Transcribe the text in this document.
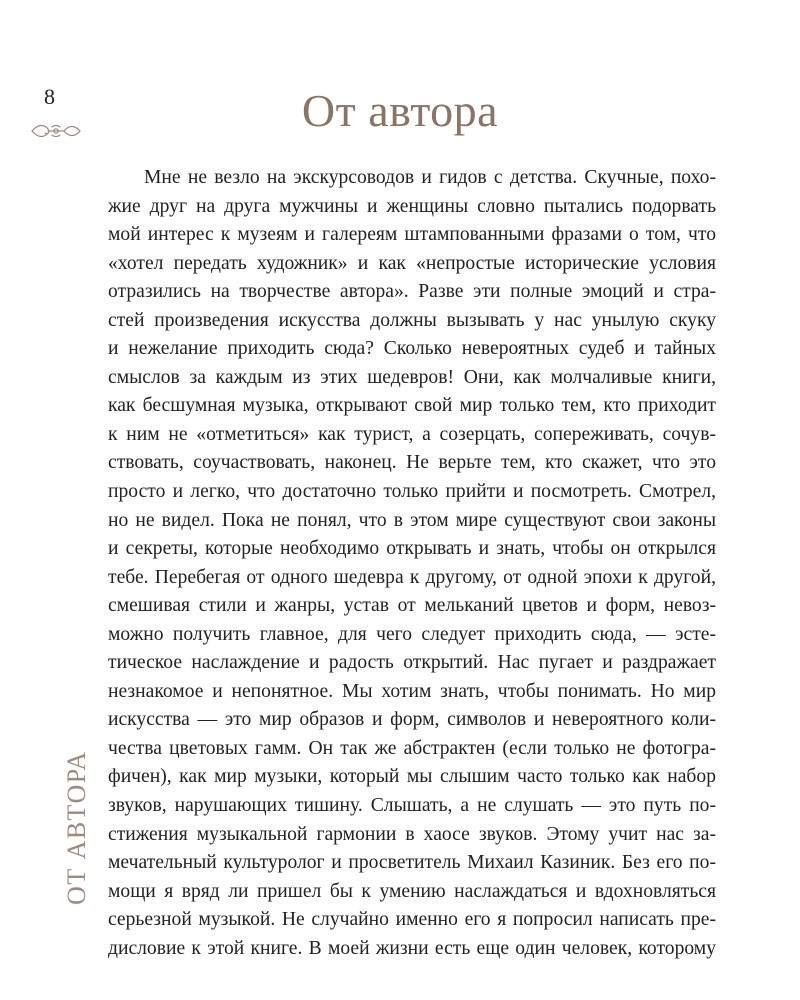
8	От автора
Мне не везло на экскурсоводов и гидов с детства. Скучные, похо-
жие друг на друга мужчины и женщины словно пытались подорвать
мой интерес к музеям и галереям штампованными фразами о том, что
«хотел передать художник» и как «непростые исторические условия
отразились на творчестве автора». Разве эти полные эмоций и стра-
стей произведения искусства должны вызывать у нас унылую скуку
и нежелание приходить сюда? Сколько невероятных судеб и тайных
смыслов за каждым из этих шедевров! Они, как молчаливые книги,
как бесшумная музыка, открывают свой мир только тем, кто приходит
к ним не «отметиться» как турист, а созерцать, сопереживать, сочув-
ствовать, соучаствовать, наконец. Не верьте тем, кто скажет, что это
просто и легко, что достаточно только прийти и посмотреть. Смотрел,
но не видел. Пока не понял, что в этом мире существуют свои законы
и секреты, которые необходимо открывать и знать, чтобы он открылся
тебе. Перебегая от одного шедевра к другому, от одной эпохи к другой,
смешивая стили и жанры, устав от мельканий цветов и форм, невоз-
можно получить главное, для чего следует приходить сюда, — эсте-
тическое наслаждение и радость открытий. Нас пугает и раздражает
незнакомое и непонятное. Мы хотим знать, чтобы понимать. Но мир
искусства — это мир образов и форм, символов и невероятного коли-
чества цветовых гамм. Он так же абстрактен (если только не фотогра-
фичен), как мир музыки, который мы слышим часто только как набор
звуков, нарушающих тишину. Слышать, а не слушать — это путь по-
стижения музыкальной гармонии в хаосе звуков. Этому учит нас за-
мечательный культуролог и просветитель Михаил Казиник. Без его по-
мощи я вряд ли пришел бы к умению наслаждаться и вдохновляться
серьезной музыкой. Не случайно именно его я попросил написать пре-
дисловие к этой книге. В моей жизни есть еще один человек, которому
ОТ АВТОРА
